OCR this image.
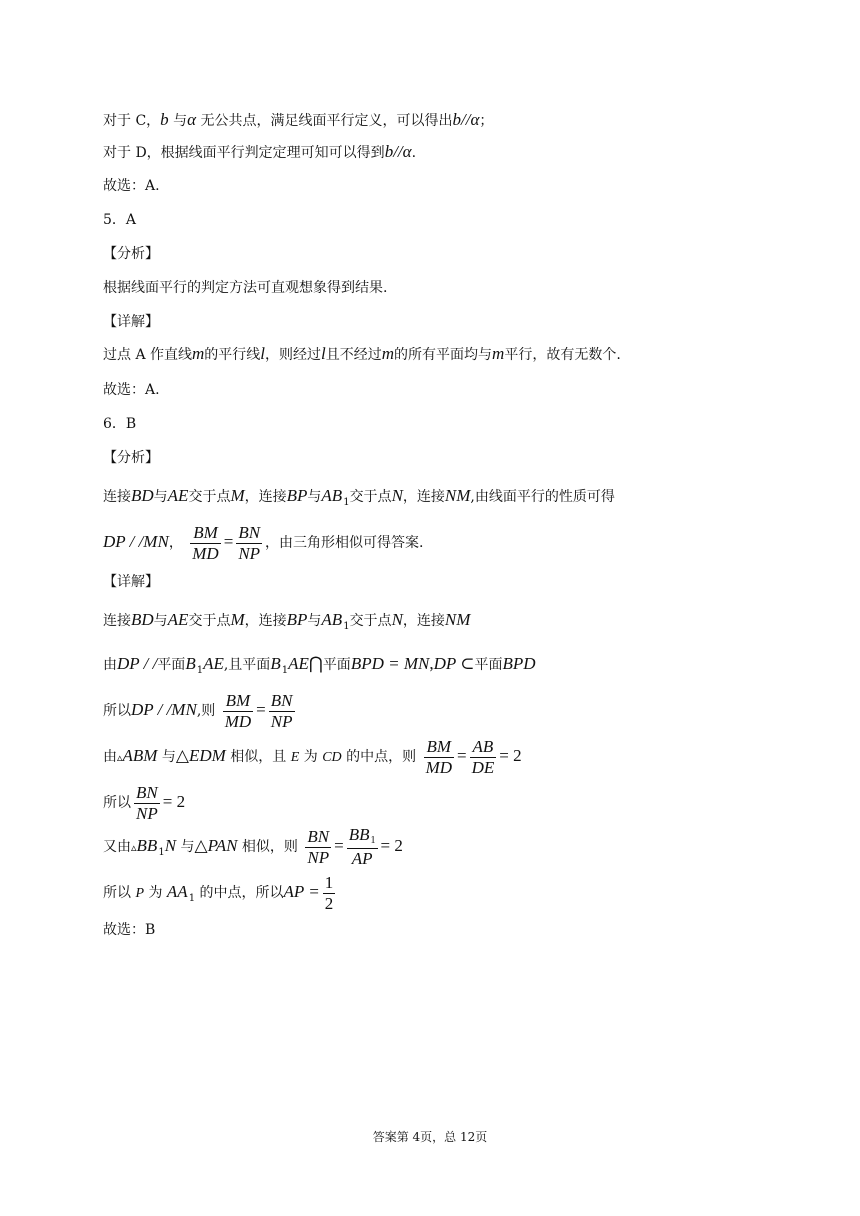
对于 C，b 与α 无公共点，满足线面平行定义，可以得出b//α；
对于 D，根据线面平行判定定理可知可以得到b//α.
故选：A.
5．A
【分析】
根据线面平行的判定方法可直观想象得到结果.
【详解】
过点 A 作直线m的平行线l，则经过l且不经过m的所有平面均与m平行，故有无数个.
故选：A.
6．B
【分析】
连接BD与AE交于点M，连接BP与$AB_1$交于点N，连接NM,由线面平行的性质可得
DP / /MN， $\frac{BM}{MD} = \frac{BN}{NP}$ ，由三角形相似可得答案.
【详解】
连接BD与AE交于点M，连接BP与$AB_1$交于点N，连接NM
由DP / /平面$B_1AE$,且平面$B_1AE⋂$平面BPD = MN,DP ⊂平面BPD
所以DP / /MN,则 $\frac{BM}{MD} = \frac{BN}{NP}$
由▵ABM 与△EDM 相似，且 E 为 CD 的中点，则 $\frac{BM}{MD} = \frac{AB}{DE} = 2$
所以 $\frac{BN}{NP} = 2$
又由$▵BB_1N$ 与△PAN 相似，则 $\frac{BN}{NP} = \frac{BB1}{AP} = 2$
所以 P 为 $AA_1$ 的中点，所以AP = $\frac{1}{2}$
故选：B
答案第 4页，总 12页
